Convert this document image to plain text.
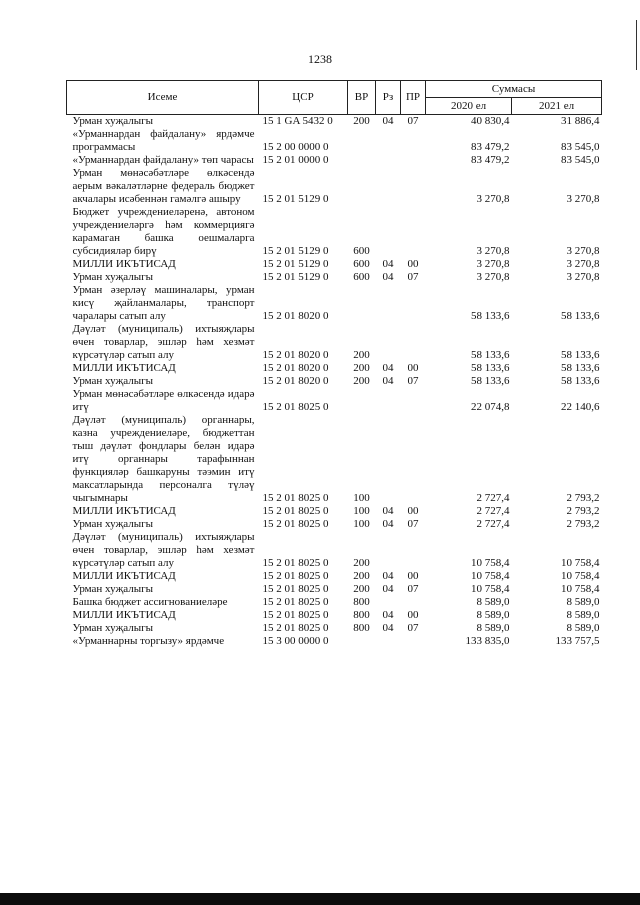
1238
Исеме	ЦСР	ВР	Рз	ПР	Суммасы	
					2020 ел	2021 ел
Урман хуҗалыгы	15 1 GA 5432 0	200	04	07	40 830,4	31 886,4
«Урманнардан файдалану» ярдәмче программасы	15 2 00 0000 0				83 479,2	83 545,0
«Урманнардан файдалану» төп чарасы	15 2 01 0000 0				83 479,2	83 545,0
Урман мөнәсәбәтләре өлкәсендә аерым вәкаләтләрне федераль бюджет акчалары исәбеннән гамәлгә ашыру	15 2 01 5129 0				3 270,8	3 270,8
Бюджет учреждениеләренә, автоном учреждениеләргә һәм коммерциягә карамаган башка оешмаларга субсидияләр бирү	15 2 01 5129 0	600			3 270,8	3 270,8
МИЛЛИ ИКЪТИСАД	15 2 01 5129 0	600	04	00	3 270,8	3 270,8
Урман хуҗалыгы	15 2 01 5129 0	600	04	07	3 270,8	3 270,8
Урман әзерләү машиналары, урман кисү җайланмалары, транспорт чаралары сатып алу	15 2 01 8020 0				58 133,6	58 133,6
Дәүләт (муниципаль) ихтыяҗлары өчен товарлар, эшләр һәм хезмәт күрсәтүләр сатып алу	15 2 01 8020 0	200			58 133,6	58 133,6
МИЛЛИ ИКЪТИСАД	15 2 01 8020 0	200	04	00	58 133,6	58 133,6
Урман хуҗалыгы	15 2 01 8020 0	200	04	07	58 133,6	58 133,6
Урман мөнәсәбәтләре өлкәсендә идарә итү	15 2 01 8025 0				22 074,8	22 140,6
Дәүләт (муниципаль) органнары, казна учреждениеләре, бюджеттан тыш дәүләт фондлары белән идарә итү органнары тарафыннан функцияләр башкаруны тәэмин итү максатларында персоналга түләү чыгымнары	15 2 01 8025 0	100			2 727,4	2 793,2
МИЛЛИ ИКЪТИСАД	15 2 01 8025 0	100	04	00	2 727,4	2 793,2
Урман хуҗалыгы	15 2 01 8025 0	100	04	07	2 727,4	2 793,2
Дәүләт (муниципаль) ихтыяҗлары өчен товарлар, эшләр һәм хезмәт күрсәтүләр сатып алу	15 2 01 8025 0	200			10 758,4	10 758,4
МИЛЛИ ИКЪТИСАД	15 2 01 8025 0	200	04	00	10 758,4	10 758,4
Урман хуҗалыгы	15 2 01 8025 0	200	04	07	10 758,4	10 758,4
Башка бюджет ассигнованиеләре	15 2 01 8025 0	800			8 589,0	8 589,0
МИЛЛИ ИКЪТИСАД	15 2 01 8025 0	800	04	00	8 589,0	8 589,0
Урман хуҗалыгы	15 2 01 8025 0	800	04	07	8 589,0	8 589,0
«Урманнарны торгызу» ярдәмче	15 3 00 0000 0				133 835,0	133 757,5
